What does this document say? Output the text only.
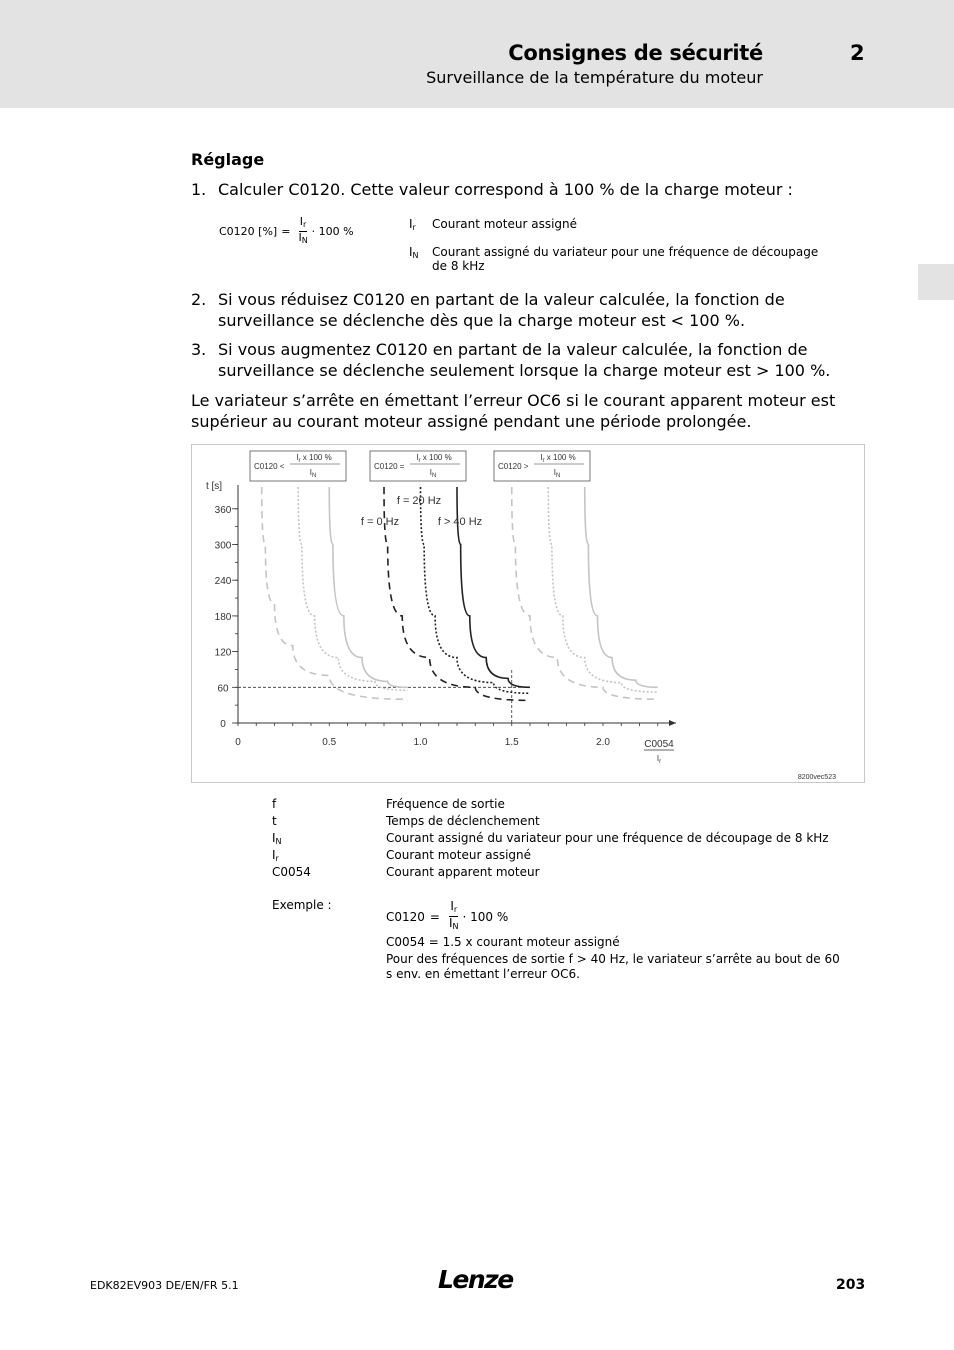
Consignes de sécurité	2
Surveillance de la température du moteur
Réglage
1. Calculer C0120. Cette valeur correspond à 100 % de la charge moteur :
C0120 [%] = $\frac{I_r}{I_N} \cdot 100$ %	$I_r$ Courant moteur assigné
$I_N$ Courant assigné du variateur pour une fréquence de découpage de 8 kHz
2. Si vous réduisez C0120 en partant de la valeur calculée, la fonction de surveillance se déclenche dès que la charge moteur est < 100 %.
3. Si vous augmentez C0120 en partant de la valeur calculée, la fonction de surveillance se déclenche seulement lorsque la charge moteur est > 100 %.
Le variateur s’arrête en émettant l’erreur OC6 si le courant apparent moteur est supérieur au courant moteur assigné pendant une période prolongée.
0	0.5	1.0	1.5	2.0
0
60
120
180
240
300
360
t [s]
C0054
$I_r$
f = 20 Hz
f = 0 Hz	f > 40 Hz
C0120 <
$I_r$ x 100 %
$I_N$
C0120 =
$I_r$ x 100 %
$I_N$
C0120 >
$I_r$ x 100 %
$I_N$
8200vec523
f	Fréquence de sortie
t	Temps de déclenchement
$I_N$	Courant assigné du variateur pour une fréquence de découpage de 8 kHz
$I_r$	Courant moteur assigné
C0054	Courant apparent moteur
Exemple :
$C0120 = \frac{I_r}{I_N} \cdot 100$ %
C0054 = 1.5 x courant moteur assigné
Pour des fréquences de sortie f > 40 Hz, le variateur s’arrête au bout de 60 s env. en émettant l’erreur OC6.
EDK82EV903 DE/EN/FR 5.1	Lenze	203
